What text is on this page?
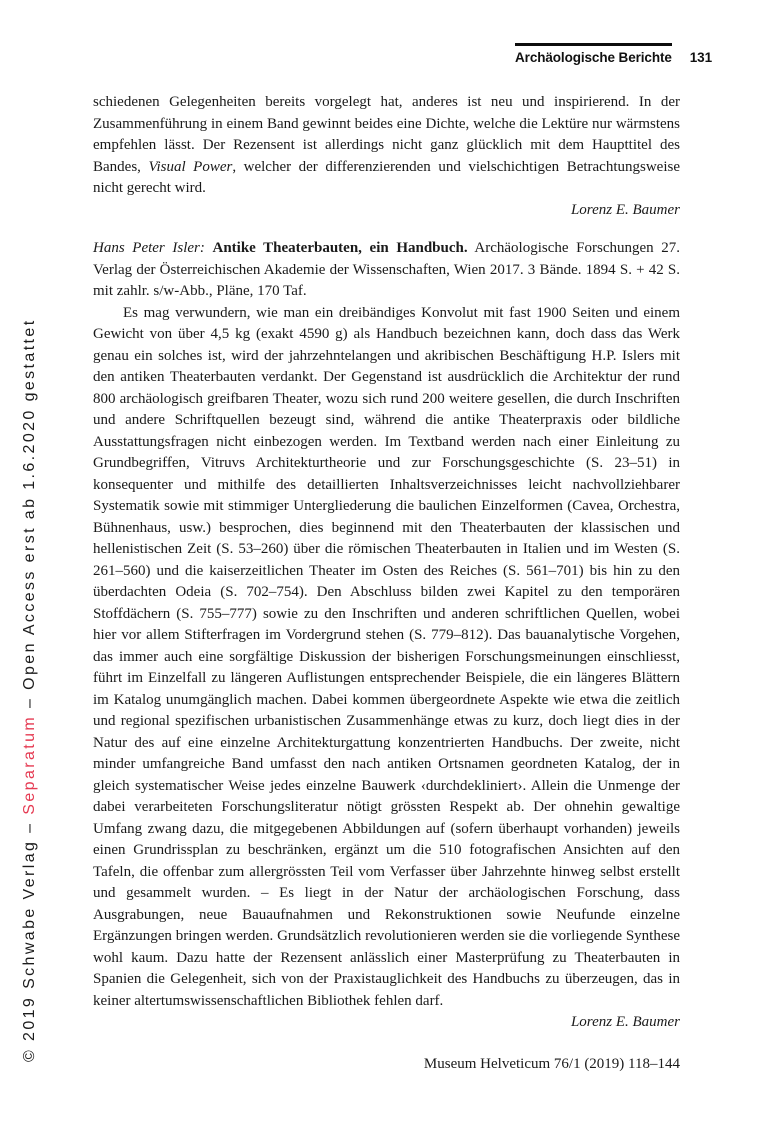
Archäologische Berichte 131
© 2019 Schwabe Verlag – Separatum – Open Access erst ab 1.6.2020 gestattet

schiedenen Gelegenheiten bereits vorgelegt hat, anderes ist neu und inspirierend. In der Zusammenführung in einem Band gewinnt beides eine Dichte, welche die Lektüre nur wärmstens empfehlen lässt. Der Rezensent ist allerdings nicht ganz glücklich mit dem Haupttitel des Bandes, Visual Power, welcher der differenzierenden und vielschichtigen Betrachtungsweise nicht gerecht wird.

Lorenz E. Baumer

Hans Peter Isler: Antike Theaterbauten, ein Handbuch. Archäologische Forschungen 27. Verlag der Österreichischen Akademie der Wissenschaften, Wien 2017. 3 Bände. 1894 S. + 42 S. mit zahlr. s/w-Abb., Pläne, 170 Taf.

Es mag verwundern, wie man ein dreibändiges Konvolut mit fast 1900 Seiten und einem Gewicht von über 4,5 kg (exakt 4590 g) als Handbuch bezeichnen kann, doch dass das Werk genau ein solches ist, wird der jahrzehntelangen und akribischen Beschäftigung H.P. Islers mit den antiken Theaterbauten verdankt. Der Gegenstand ist ausdrücklich die Architektur der rund 800 archäologisch greifbaren Theater, wozu sich rund 200 weitere gesellen, die durch Inschriften und andere Schriftquellen bezeugt sind, während die antike Theaterpraxis oder bildliche Ausstattungsfragen nicht einbezogen werden. Im Textband werden nach einer Einleitung zu Grundbegriffen, Vitruvs Architekturtheorie und zur Forschungsgeschichte (S. 23–51) in konsequenter und mithilfe des detaillierten Inhaltsverzeichnisses leicht nachvollziehbarer Systematik sowie mit stimmiger Untergliederung die baulichen Einzelformen (Cavea, Orchestra, Bühnenhaus, usw.) besprochen, dies beginnend mit den Theaterbauten der klassischen und hellenistischen Zeit (S. 53–260) über die römischen Theaterbauten in Italien und im Westen (S. 261–560) und die kaiserzeitlichen Theater im Osten des Reiches (S. 561–701) bis hin zu den überdachten Odeia (S. 702–754). Den Abschluss bilden zwei Kapitel zu den temporären Stoffdächern (S. 755–777) sowie zu den Inschriften und anderen schriftlichen Quellen, wobei hier vor allem Stifterfragen im Vordergrund stehen (S. 779–812). Das bauanalytische Vorgehen, das immer auch eine sorgfältige Diskussion der bisherigen Forschungsmeinungen einschliesst, führt im Einzelfall zu längeren Auflistungen entsprechender Beispiele, die ein längeres Blättern im Katalog unumgänglich machen. Dabei kommen übergeordnete Aspekte wie etwa die zeitlich und regional spezifischen urbanistischen Zusammenhänge etwas zu kurz, doch liegt dies in der Natur des auf eine einzelne Architekturgattung konzentrierten Handbuchs. Der zweite, nicht minder umfangreiche Band umfasst den nach antiken Ortsnamen geordneten Katalog, der in gleich systematischer Weise jedes einzelne Bauwerk ‹durchdekliniert›. Allein die Unmenge der dabei verarbeiteten Forschungsliteratur nötigt grössten Respekt ab. Der ohnehin gewaltige Umfang zwang dazu, die mitgegebenen Abbildungen auf (sofern überhaupt vorhanden) jeweils einen Grundrissplan zu beschränken, ergänzt um die 510 fotografischen Ansichten auf den Tafeln, die offenbar zum allergrössten Teil vom Verfasser über Jahrzehnte hinweg selbst erstellt und gesammelt wurden. – Es liegt in der Natur der archäologischen Forschung, dass Ausgrabungen, neue Bauaufnahmen und Rekonstruktionen sowie Neufunde einzelne Ergänzungen bringen werden. Grundsätzlich revolutionieren werden sie die vorliegende Synthese wohl kaum. Dazu hatte der Rezensent anlässlich einer Masterprüfung zu Theaterbauten in Spanien die Gelegenheit, sich von der Praxistauglichkeit des Handbuchs zu überzeugen, das in keiner altertumswissenschaftlichen Bibliothek fehlen darf.

Lorenz E. Baumer

Museum Helveticum 76/1 (2019) 118–144
